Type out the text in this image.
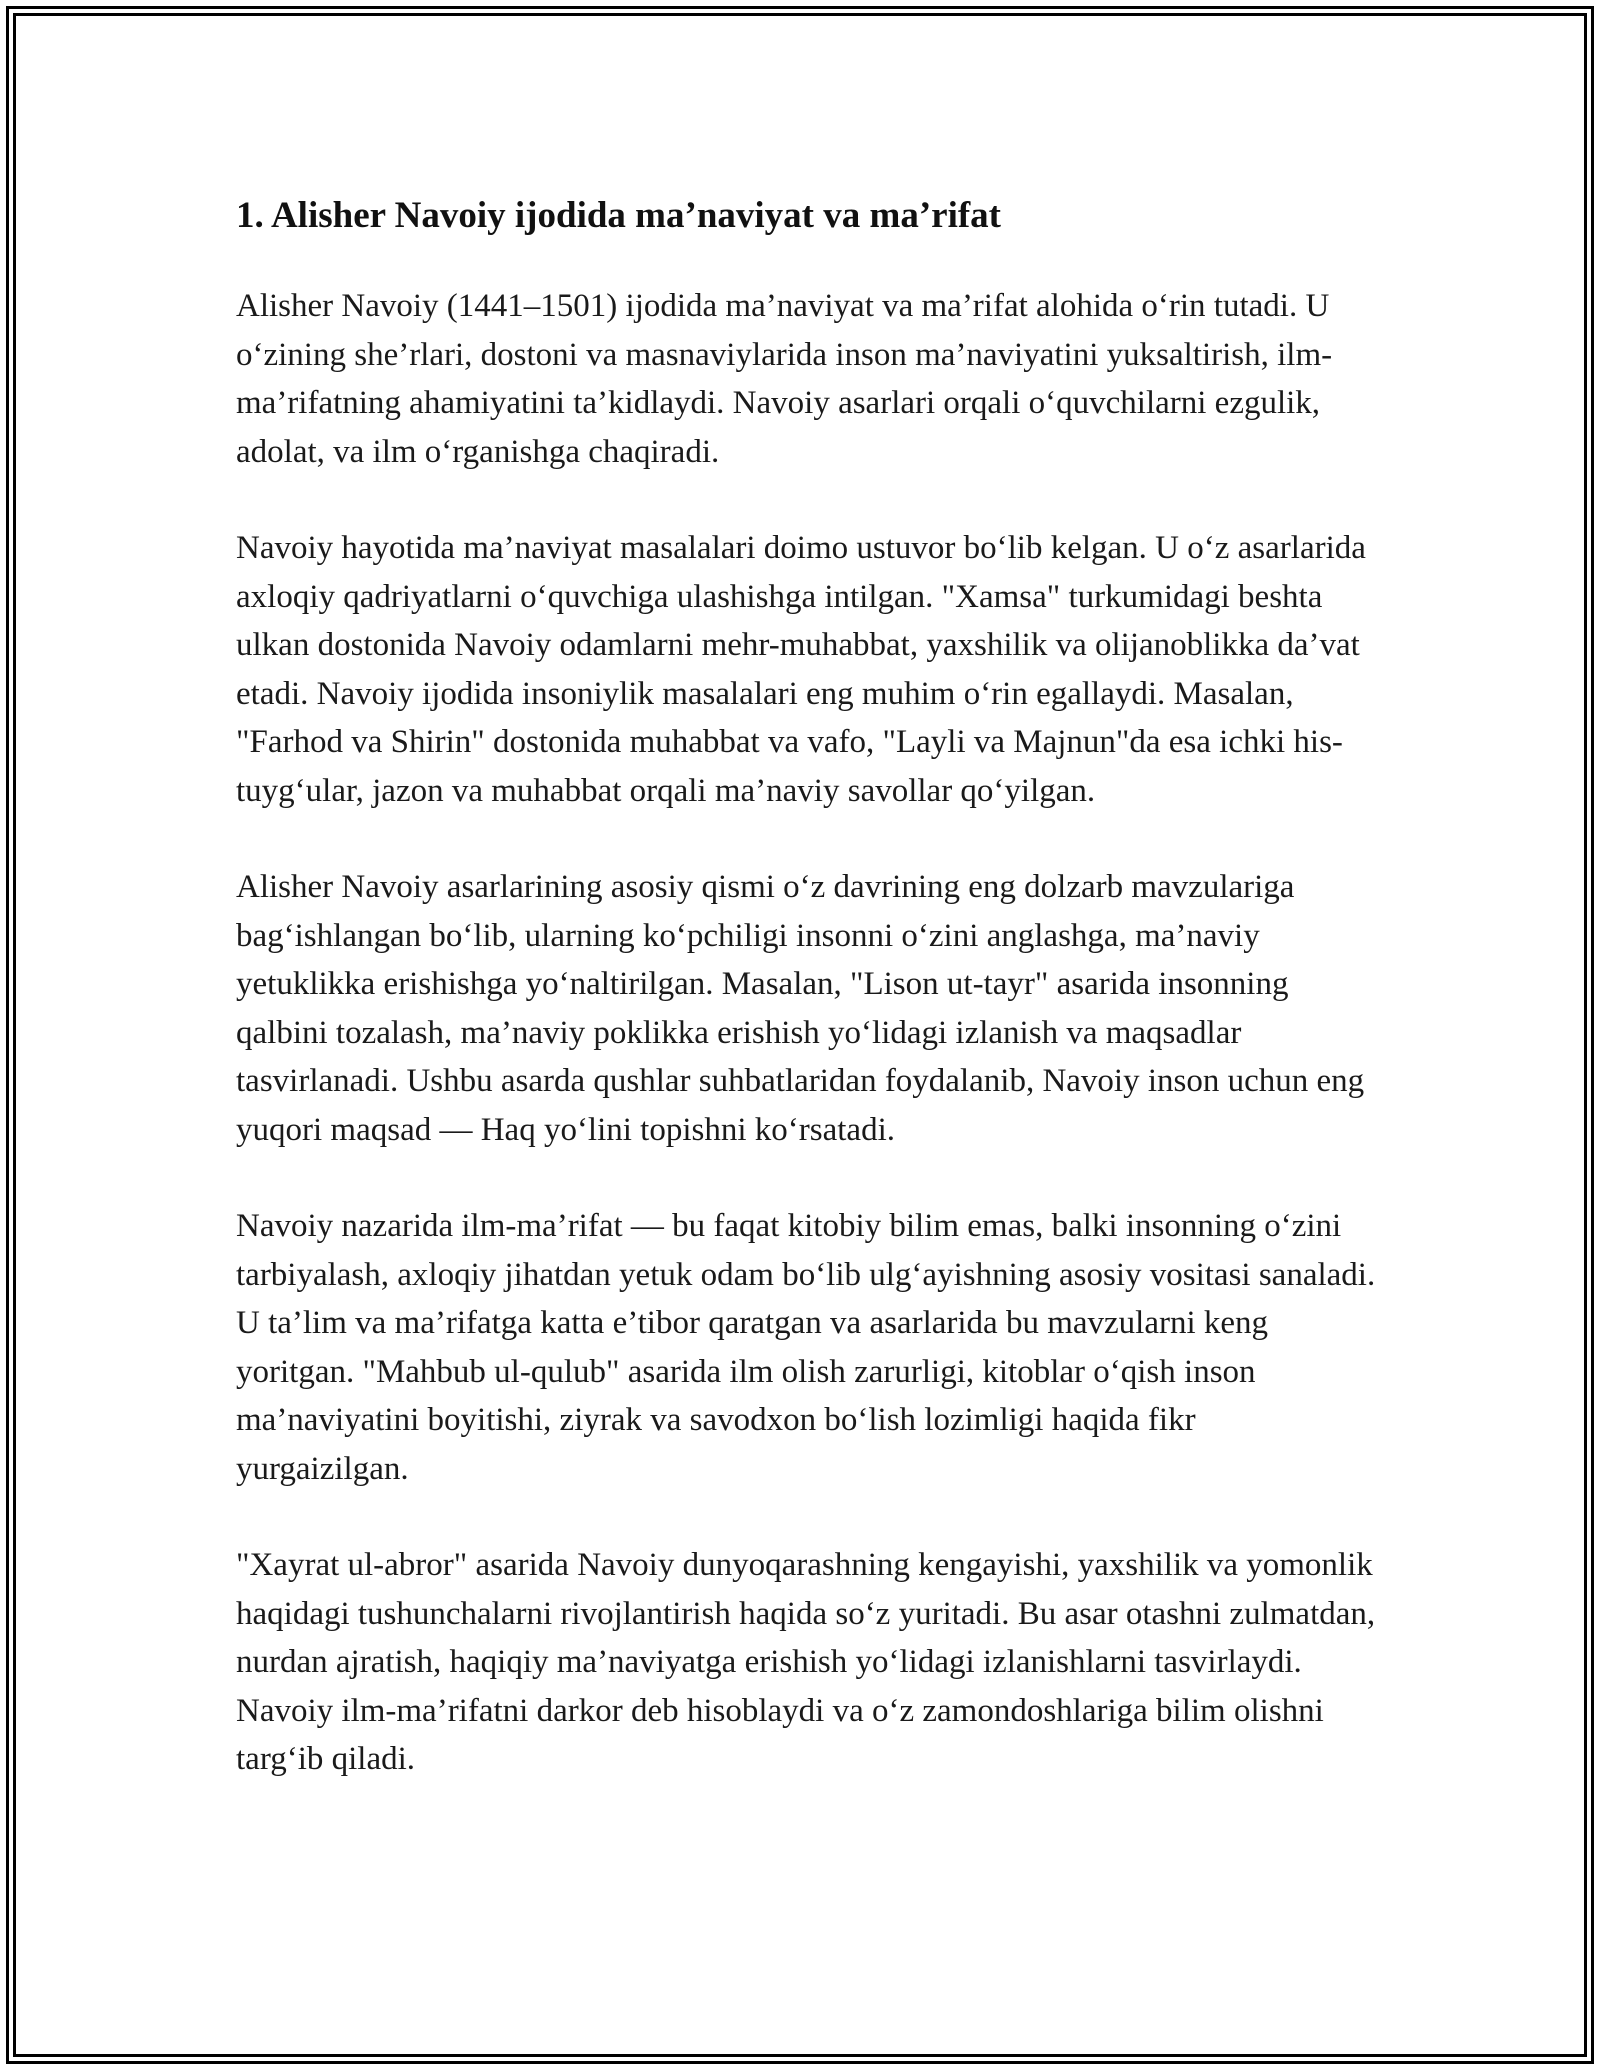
1. Alisher Navoiy ijodida ma’naviyat va ma’rifat

Alisher Navoiy (1441–1501) ijodida ma’naviyat va ma’rifat alohida o‘rin tutadi. U o‘zining she’rlari, dostoni va masnaviylarida inson ma’naviyatini yuksaltirish, ilm-ma’rifatning ahamiyatini ta’kidlaydi. Navoiy asarlari orqali o‘quvchilarni ezgulik, adolat, va ilm o‘rganishga chaqiradi.

Navoiy hayotida ma’naviyat masalalari doimo ustuvor bo‘lib kelgan. U o‘z asarlarida axloqiy qadriyatlarni o‘quvchiga ulashishga intilgan. "Xamsa" turkumidagi beshta ulkan dostonida Navoiy odamlarni mehr-muhabbat, yaxshilik va olijanoblikka da’vat etadi. Navoiy ijodida insoniylik masalalari eng muhim o‘rin egallaydi. Masalan, "Farhod va Shirin" dostonida muhabbat va vafo, "Layli va Majnun"da esa ichki his-tuyg‘ular, jazon va muhabbat orqali ma’naviy savollar qo‘yilgan.

Alisher Navoiy asarlarining asosiy qismi o‘z davrining eng dolzarb mavzulariga bag‘ishlangan bo‘lib, ularning ko‘pchiligi insonni o‘zini anglashga, ma’naviy yetuklikka erishishga yo‘naltirilgan. Masalan, "Lison ut-tayr" asarida insonning qalbini tozalash, ma’naviy poklikka erishish yo‘lidagi izlanish va maqsadlar tasvirlanadi. Ushbu asarda qushlar suhbatlaridan foydalanib, Navoiy inson uchun eng yuqori maqsad — Haq yo‘lini topishni ko‘rsatadi.

Navoiy nazarida ilm-ma’rifat — bu faqat kitobiy bilim emas, balki insonning o‘zini tarbiyalash, axloqiy jihatdan yetuk odam bo‘lib ulg‘ayishning asosiy vositasi sanaladi. U ta’lim va ma’rifatga katta e’tibor qaratgan va asarlarida bu mavzularni keng yoritgan. "Mahbub ul-qulub" asarida ilm olish zarurligi, kitoblar o‘qish inson ma’naviyatini boyitishi, ziyrak va savodxon bo‘lish lozimligi haqida fikr yurgaizilgan.

"Xayrat ul-abror" asarida Navoiy dunyoqarashning kengayishi, yaxshilik va yomonlik haqidagi tushunchalarni rivojlantirish haqida so‘z yuritadi. Bu asar otashni zulmatdan, nurdan ajratish, haqiqiy ma’naviyatga erishish yo‘lidagi izlanishlarni tasvirlaydi. Navoiy ilm-ma’rifatni darkor deb hisoblaydi va o‘z zamondoshlariga bilim olishni targ‘ib qiladi.
